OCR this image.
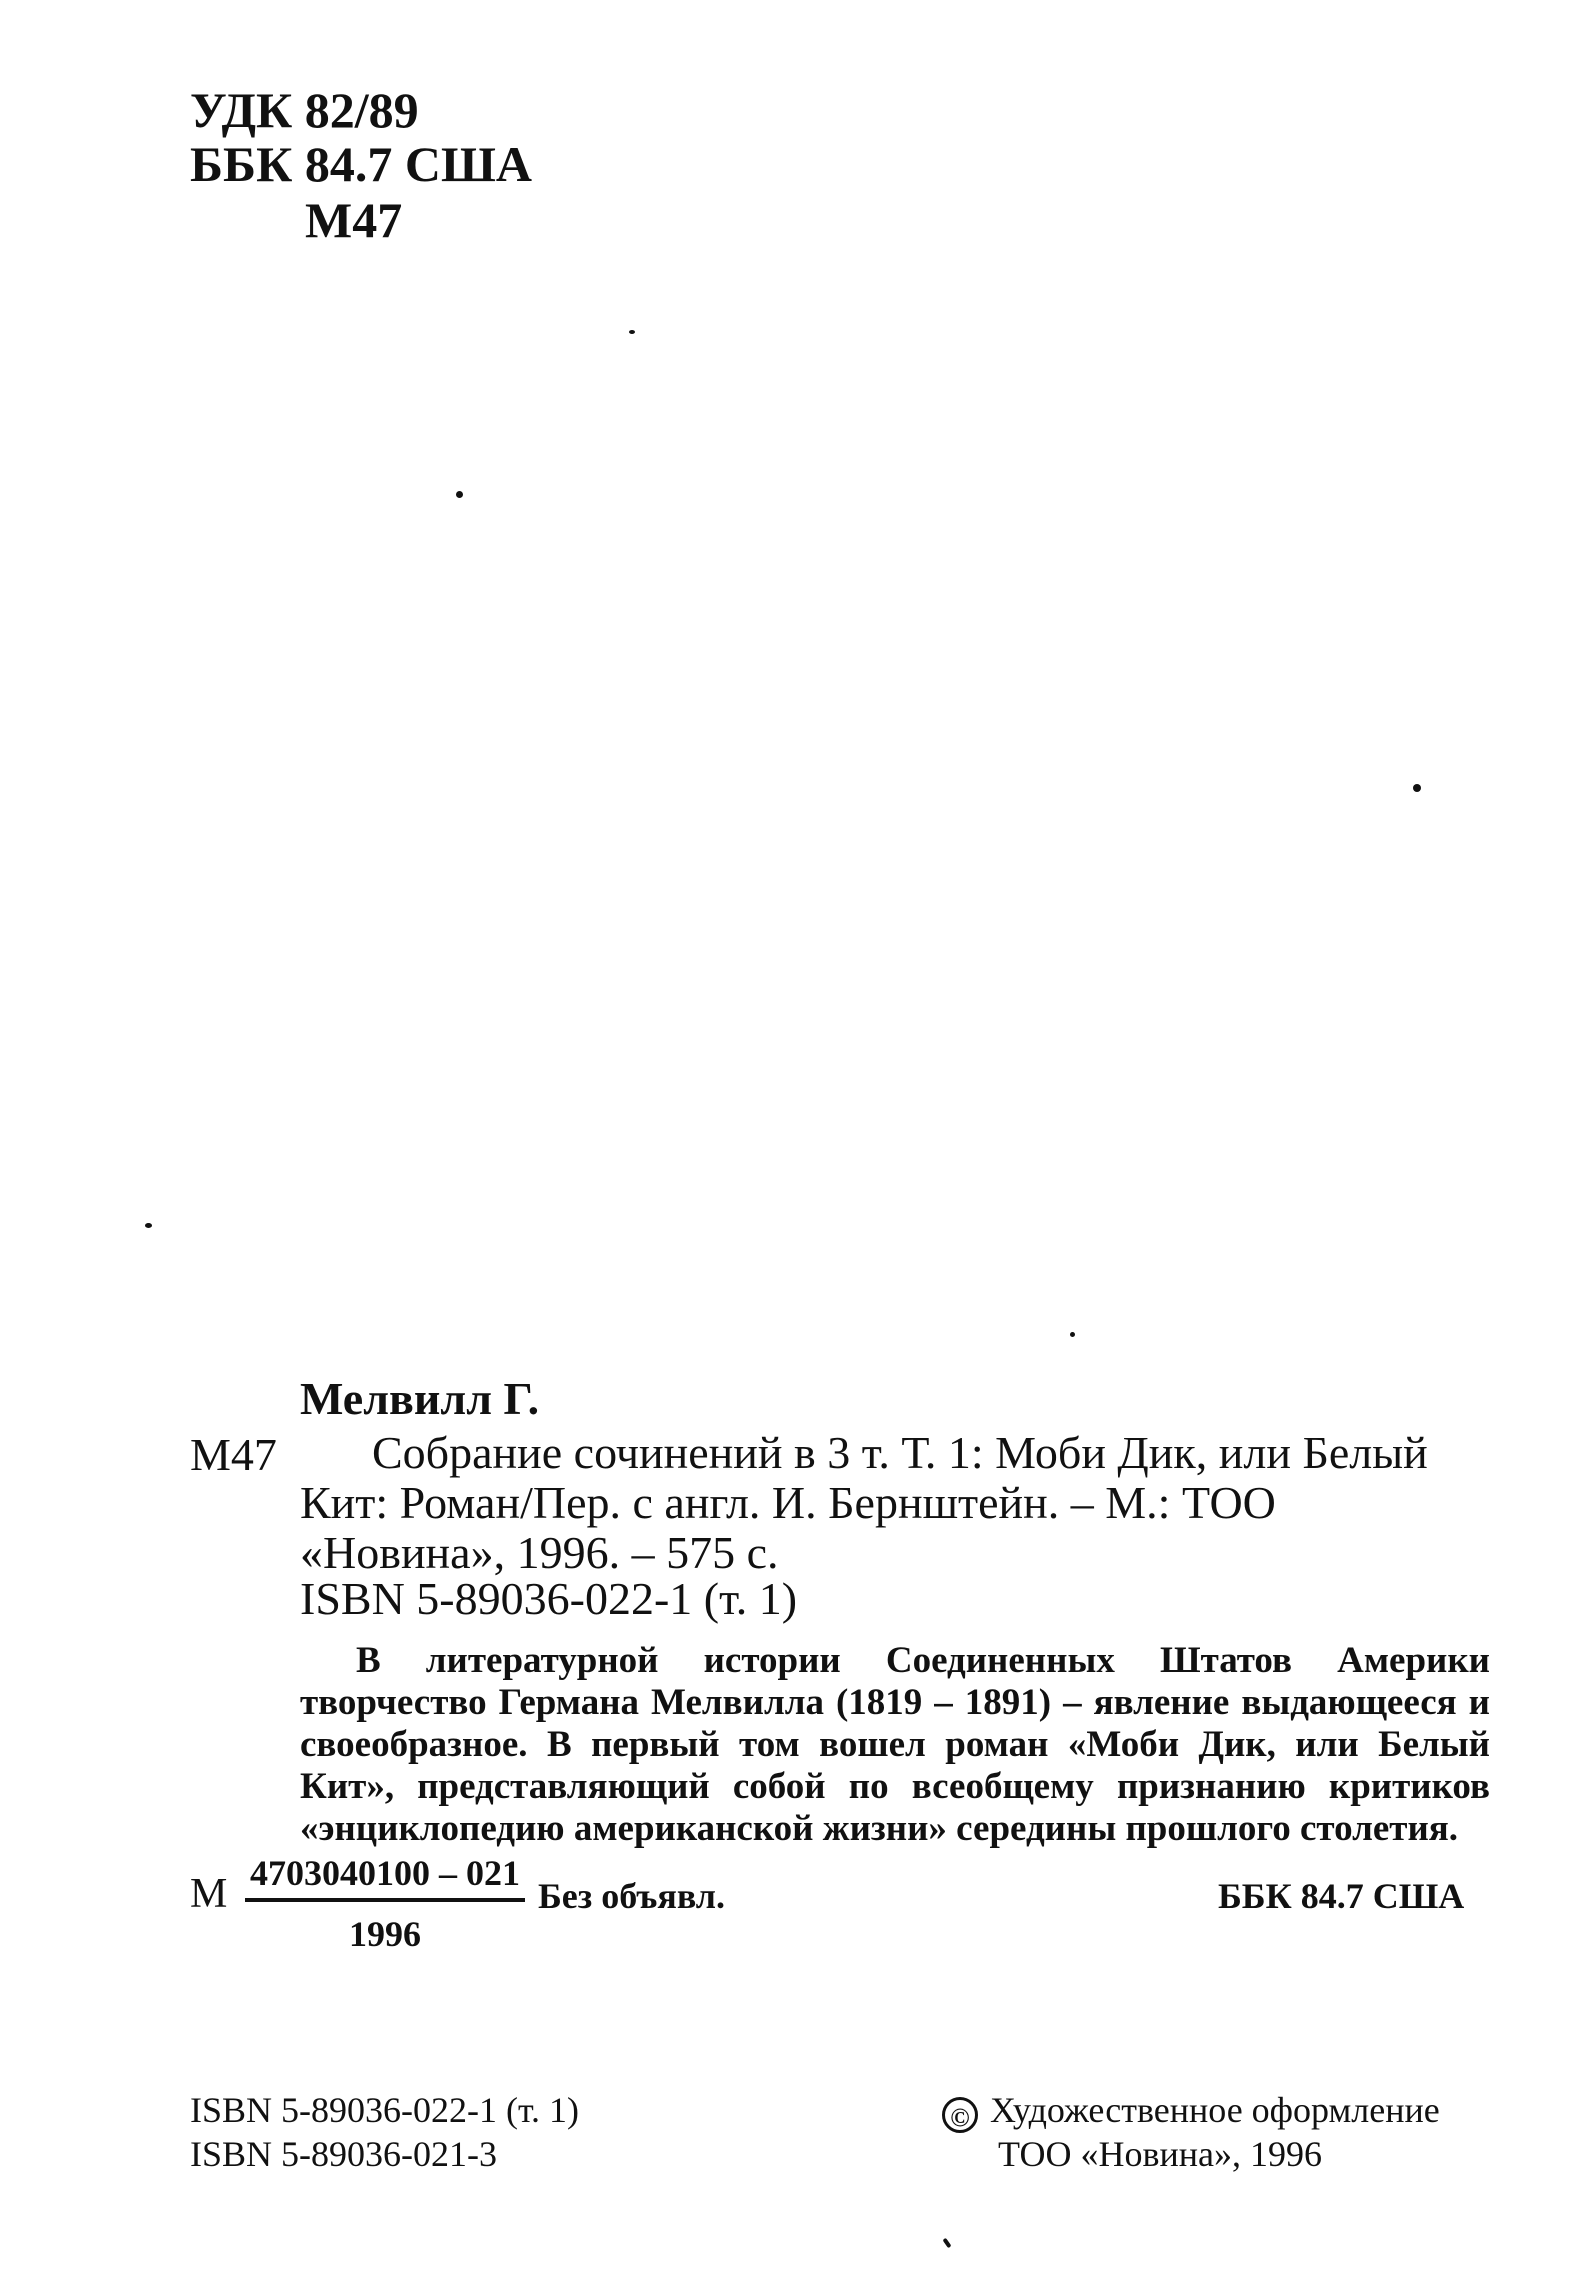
УДК 82/89
ББК 84.7 США
М47
Мелвилл Г.
М47	Собрание сочинений в 3 т. Т. 1: Моби Дик, или Белый Кит: Роман/Пер. с англ. И. Бернштейн. – М.: ТОО «Новина», 1996. – 575 с.
ISBN 5-89036-022-1 (т. 1)
В литературной истории Соединенных Штатов Америки творчество Германа Мелвилла (1819 – 1891) – явление выдающееся и своеобразное. В первый том вошел роман «Моби Дик, или Белый Кит», представляющий собой по всеобщему признанию критиков «энциклопедию американской жизни» середины прошлого столетия.
М 4703040100 – 021
1996
Без объявл.	ББК 84.7 США
ISBN 5-89036-022-1 (т. 1)
ISBN 5-89036-021-3
© Художественное оформление
ТОО «Новина», 1996
